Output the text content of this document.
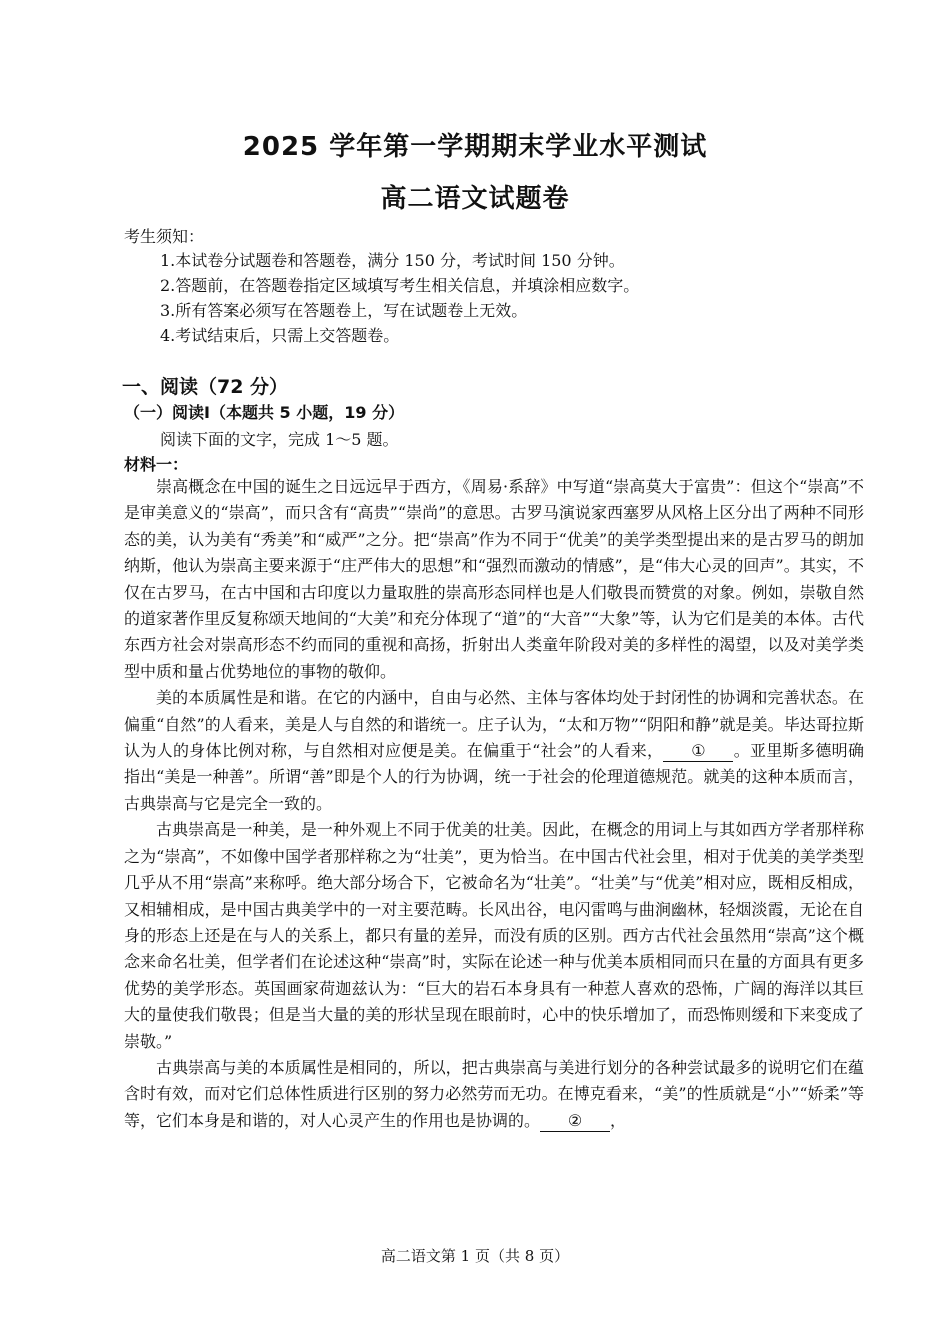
2025 学年第一学期期末学业水平测试
高二语文试题卷
考生须知：
1.本试卷分试题卷和答题卷，满分 150 分，考试时间 150 分钟。
2.答题前，在答题卷指定区域填写考生相关信息，并填涂相应数字。
3.所有答案必须写在答题卷上，写在试题卷上无效。
4.考试结束后，只需上交答题卷。
一、阅读（72 分）
（一）阅读Ⅰ（本题共 5 小题，19 分）
阅读下面的文字，完成 1～5 题。
材料一：

崇高概念在中国的诞生之日远远早于西方，《周易·系辞》中写道“崇高莫大于富贵”：但这个“崇高”不是审美意义的“崇高”，而只含有“高贵”“崇尚”的意思。古罗马演说家西塞罗从风格上区分出了两种不同形态的美，认为美有“秀美”和“威严”之分。把“崇高”作为不同于“优美”的美学类型提出来的是古罗马的朗加纳斯，他认为崇高主要来源于“庄严伟大的思想”和“强烈而激动的情感”，是“伟大心灵的回声”。其实，不仅在古罗马，在古中国和古印度以力量取胜的崇高形态同样也是人们敬畏而赞赏的对象。例如，崇敬自然的道家著作里反复称颂天地间的“大美”和充分体现了“道”的“大音”“大象”等，认为它们是美的本体。古代东西方社会对崇高形态不约而同的重视和高扬，折射出人类童年阶段对美的多样性的渴望，以及对美学类型中质和量占优势地位的事物的敬仰。

美的本质属性是和谐。在它的内涵中，自由与必然、主体与客体均处于封闭性的协调和完善状态。在偏重“自然”的人看来，美是人与自然的和谐统一。庄子认为，“太和万物”“阴阳和静”就是美。毕达哥拉斯认为人的身体比例对称，与自然相对应便是美。在偏重于“社会”的人看来， ① 。亚里斯多德明确指出“美是一种善”。所谓“善”即是个人的行为协调，统一于社会的伦理道德规范。就美的这种本质而言，古典崇高与它是完全一致的。

古典崇高是一种美，是一种外观上不同于优美的壮美。因此，在概念的用词上与其如西方学者那样称之为“崇高”，不如像中国学者那样称之为“壮美”，更为恰当。在中国古代社会里，相对于优美的美学类型几乎从不用“崇高”来称呼。绝大部分场合下，它被命名为“壮美”。“壮美”与“优美”相对应，既相反相成，又相辅相成，是中国古典美学中的一对主要范畴。长风出谷，电闪雷鸣与曲涧幽林，轻烟淡霞，无论在自身的形态上还是在与人的关系上，都只有量的差异，而没有质的区别。西方古代社会虽然用“崇高”这个概念来命名壮美，但学者们在论述这种“崇高”时，实际在论述一种与优美本质相同而只在量的方面具有更多优势的美学形态。英国画家荷迦兹认为：“巨大的岩石本身具有一种惹人喜欢的恐怖，广阔的海洋以其巨大的量使我们敬畏；但是当大量的美的形状呈现在眼前时，心中的快乐增加了，而恐怖则缓和下来变成了崇敬。”

古典崇高与美的本质属性是相同的，所以，把古典崇高与美进行划分的各种尝试最多的说明它们在蕴含时有效，而对它们总体性质进行区别的努力必然劳而无功。在博克看来，“美”的性质就是“小”“娇柔”等等，它们本身是和谐的，对人心灵产生的作用也是协调的。 ② ，

高二语文第 1 页（共 8 页）
